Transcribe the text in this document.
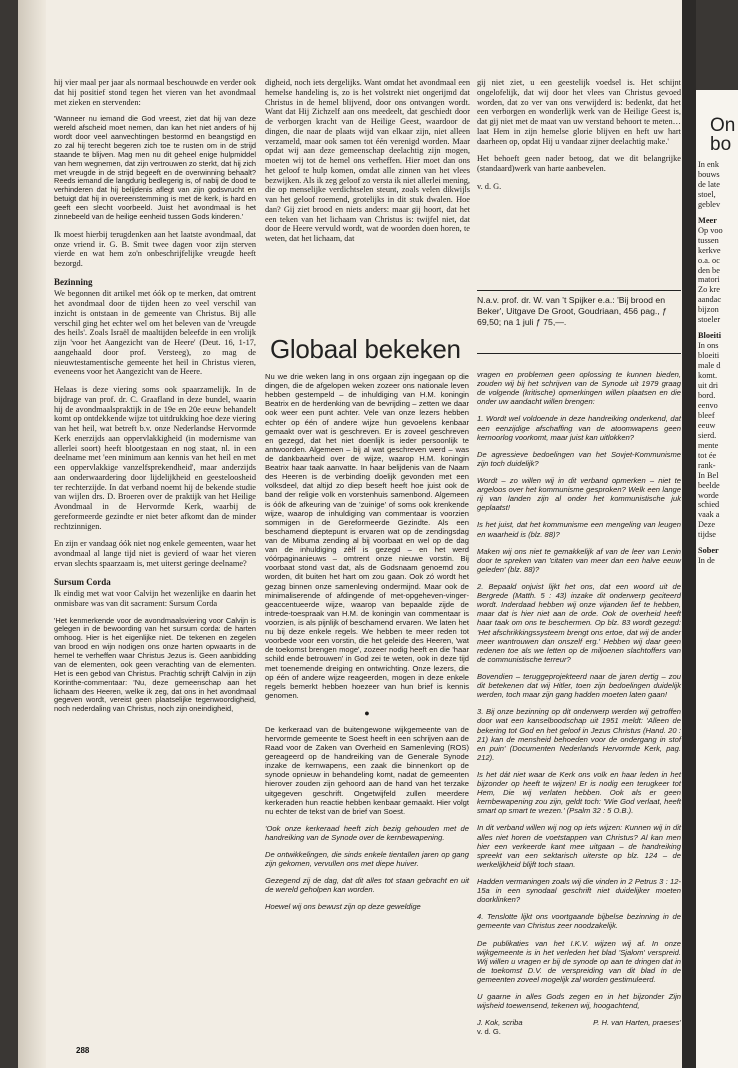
hij vier maal per jaar als normaal beschouwde en verder ook dat hij positief stond tegen het vieren van het avondmaal met zieken en stervenden:

'Wanneer nu iemand die God vreest, ziet dat hij van deze wereld afscheid moet nemen, dan kan het niet anders of hij wordt door veel aanvechtingen bestormd en beangstigd en zo zal hij terecht begeren zich toe te rusten om in de strijd staande te blijven. Mag men nu dit geheel enige hulpmiddel van hem wegnemen, dat zijn vertrouwen zo sterkt, dat hij zich met vreugde in de strijd begeeft en de overwinning behaalt? Reeds iemand die langdurig bedlegerig is, of nabij de dood te verhinderen dat hij belijdenis aflegt van zijn godsvrucht en betuigt dat hij in overeenstemming is met de kerk, is hard en geeft een slecht voorbeeld. Juist het avondmaal is het zinnebeeld van de heilige eenheid tussen Gods kinderen.'

Ik moest hierbij terugdenken aan het laatste avondmaal, dat onze vriend ir. G. B. Smit twee dagen voor zijn sterven vierde en wat hem zo'n onbeschrijfelijke vreugde heeft bezorgd.

Bezinning

We begonnen dit artikel met óók op te merken, dat omtrent het avondmaal door de tijden heen zo veel verschil van inzicht is ontstaan in de gemeente van Christus. Bij alle verschil ging het echter wel om het beleven van de 'vreugde des heils'. Zoals Israël de maaltijden beleefde in een vrolijk zijn 'voor het Aangezicht van de Heere' (Deut. 16, 1-17, aangehaald door prof. Versteeg), zo mag de nieuwtestamentische gemeente het heil in Christus vieren, eveneens voor het Aangezicht van de Heere.

Helaas is deze viering soms ook spaarzamelijk. In de bijdrage van prof. dr. C. Graafland in deze bundel, waarin hij de avondmaalspraktijk in de 19e en 20e eeuw behandelt komt op ontdekkende wijze tot uitdrukking hoe deze viering van het heil, wat betreft b.v. onze Nederlandse Hervormde Kerk enerzijds aan oppervlakkigheid (in modernisme van allerlei soort) heeft blootgestaan en nog staat, nl. in een deelname met 'een minimum aan kennis van het heil en met een oppervlakkige vanzelfsprekendheid', maar anderzijds aan onderwaardering door lijdelijkheid en geesteloosheid ter rechterzijde. In dat verband noemt hij de bekende studie van wijlen drs. D. Broeren over de praktijk van het Heilige Avondmaal in de Hervormde Kerk, waarbij de gereformeerde gezindte er niet beter afkomt dan de minder rechtzinnigen.

En zijn er vandaag óók niet nog enkele gemeenten, waar het avondmaal al lange tijd niet is gevierd of waar het vieren ervan slechts spaarzaam is, met uiterst geringe deelname?

Sursum Corda

Ik eindig met wat voor Calvijn het wezenlijke en daarin het onmisbare was van dit sacrament: Sursum Corda

'Het kenmerkende voor de avondmaalsviering voor Calvijn is gelegen in de bewoording van het sursum corda: de harten omhoog. Hier is het eigenlijke niet. De tekenen en zegelen van brood en wijn nodigen ons onze harten opwaarts in de hemel te verheffen waar Christus Jezus is. Geen aanbidding van de elementen, ook geen verachting van de elementen. Het is een gebod van Christus. Prachtig schrijft Calvijn in zijn Korinthe-commentaar: 'Nu, deze gemeenschap aan het lichaam des Heeren, welke ik zeg, dat ons in het avondmaal gegeven wordt, vereist geen plaatselijke tegenwoordigheid, noch nederdaling van Christus, noch zijn oneindigheid,

digheid, noch iets dergelijks. Want omdat het avondmaal een hemelse handeling is, zo is het volstrekt niet ongerijmd dat Christus in de hemel blijvend, door ons ontvangen wordt. Want dat Hij Zichzelf aan ons meedeelt, dat geschiedt door de verborgen kracht van de Heilige Geest, waardoor de dingen, die naar de plaats wijd van elkaar zijn, niet alleen verzameld, maar ook samen tot één verenigd worden. Maar opdat wij aan deze gemeenschap deelachtig zijn mogen, moeten wij tot de hemel ons verheffen. Hier moet dan ons het geloof te hulp komen, omdat alle zinnen van het vlees bezwijken. Als ik zeg geloof zo versta ik niet allerlei mening, die op menselijke verdichtselen steunt, zoals velen dikwijls van het geloof roemend, grotelijks in dit stuk dwalen. Hoe dan? Gij ziet brood en niets anders: maar gij hoort, dat het een teken van het lichaam van Christus is: twijfel niet, dat door de Heere vervuld wordt, wat de woorden doen horen, te weten, dat het lichaam, dat

gij niet ziet, u een geestelijk voedsel is. Het schijnt ongelofelijk, dat wij door het vlees van Christus gevoed worden, dat zo ver van ons verwijderd is: bedenkt, dat het een verborgen en wonderlijk werk van de Heilige Geest is, dat gij niet met de maat van uw verstand behoort te meten… laat Hem in zijn hemelse glorie blijven en heft uw hart daarheen op, opdat Hij u vandaar zijner deelachtig make.'

Het behoeft geen nader betoog, dat we dit belangrijke (standaard)werk van harte aanbevelen.

v. d. G.

N.a.v. prof. dr. W. van 't Spijker e.a.: 'Bij brood en Beker', Uitgave De Groot, Goudriaan, 456 pag., ƒ 69,50; na 1 juli ƒ 75,—.
Globaal bekeken

Nu we drie weken lang in ons orgaan zijn ingegaan op die dingen, die de afgelopen weken zozeer ons nationale leven hebben gestempeld – de inhuldiging van H.M. koningin Beatrix en de herdenking van de bevrijding – zetten we daar ook weer een punt achter. Vele van onze lezers hebben echter op één of andere wijze hun gevoelens kenbaar gemaakt over wat is geschreven. Er is zoveel geschreven en gezegd, dat het niet doenlijk is ieder persoonlijk te antwoorden. Algemeen – bij al wat geschreven werd – was de dankbaarheid over de wijze, waarop H.M. koningin Beatrix haar taak aanvatte. In haar belijdenis van de Naam des Heeren is de verbinding doelijk gevonden met een volksdeel, dat altijd zo diep beseft heeft hoe juist ook de band der religie volk en vorstenhuis samenbond. Algemeen is óók de afkeuring van de 'zuinige' of soms ook krenkende wijze, waarop de inhuldiging van commentaar is voorzien sommigen in de Gereformeerde Gezindte. Als een beschamend dieptepunt is ervaren wat op de zendingsdag van de Mibuma zending al bij voorbaat en wel op de dag van de inhuldiging zèlf is gezegd – en het werd vóórpaginanieuws – omtrent onze nieuwe vorstin. Bij voorbaat stond vast dat, als de Godsnaam genoemd zou worden, dit buiten het hart om zou gaan. Ook zó wordt het gezag binnen onze samenleving ondermijnd. Maar ook de minimaliserende of afdingende of met-opgeheven-vinger-geaccentueerde wijze, waarop van bepaalde zijde de intrede-toespraak van H.M. de koningin van commentaar is voorzien, is als pijnlijk of beschamend ervaren. We laten het nu bij deze enkele regels. We hebben te meer reden tot voorbede voor een vorstin, die het geleide des Heeren, 'wat de toekomst brengen moge', zozeer nodig heeft en die 'haar schild ende betrouwen' in God zei te weten, ook in deze tijd met toenemende dreiging en ontwrichting. Onze lezers, die op één of andere wijze reageerden, mogen in deze enkele regels bemerkt hebben hoezeer van hun brief is kennis genomen.

●

De kerkeraad van de buitengewone wijkgemeente van de hervormde gemeente te Soest heeft in een schrijven aan de Raad voor de Zaken van Overheid en Samenleving (ROS) gereageerd op de handreiking van de Generale Synode inzake de kernwapens, een zaak die binnenkort op de synode opnieuw in behandeling komt, nadat de gemeenten hierover zouden zijn gehoord aan de hand van het terzake uitgegeven geschrift. Ongetwijfeld zullen meerdere kerkeraden hun reactie hebben kenbaar gemaakt. Hier volgt nu echter de tekst van de brief van Soest.

'Ook onze kerkeraad heeft zich bezig gehouden met de handreiking van de Synode over de kernbewapening.

De ontwikkelingen, die sinds enkele tientallen jaren op gang zijn gekomen, vervullen ons met diepe huiver.

Gezegend zij de dag, dat dit alles tot staan gebracht en uit de wereld geholpen kan worden.

Hoewel wij ons bewust zijn op deze geweldige

vragen en problemen geen oplossing te kunnen bieden, zouden wij bij het schrijven van de Synode uit 1979 graag de volgende (kritische) opmerkingen willen plaatsen en die onder uw aandacht willen brengen:

1. Wordt wel voldoende in deze handreiking onderkend, dat een eenzijdige afschaffing van de atoomwapens geen kernoorlog voorkomt, maar juist kan uitlokken?

De agressieve bedoelingen van het Sovjet-Kommunisme zijn toch duidelijk?

Wordt – zo willen wij in dit verband opmerken – niet te argeloos over het kommunisme gesproken? Welk een lange rij van landen zijn al onder het kommunistische juk geplaatst!

Is het juist, dat het kommunisme een mengeling van leugen en waarheid is (blz. 88)?

Maken wij ons niet te gemakkelijk af van de leer van Lenin door te spreken van 'citaten van meer dan een halve eeuw geleden' (blz. 88)?

2. Bepaald onjuist lijkt het ons, dat een woord uit de Bergrede (Matth. 5 : 43) inzake dit onderwerp geciteerd wordt. Inderdaad hebben wij onze vijanden lief te hebben, maar dat is hier niet aan de orde. Ook de overheid heeft haar taak om ons te beschermen. Op blz. 83 wordt gezegd: 'Het afschrikkingssysteem brengt ons ertoe, dat wij de ander meer wantrouwen dan onszelf erg.' Hebben wij daar geen redenen toe als we letten op de miljoenen slachtoffers van de communistische terreur?

Bovendien – teruggeprojekteerd naar de jaren dertig – zou dit betekenen dat wij Hitler, toen zijn bedoelingen duidelijk werden, toch maar zijn gang hadden moeten laten gaan!

3. Bij onze bezinning op dit onderwerp werden wij getroffen door wat een kanselboodschap uit 1951 meldt: 'Alleen de bekering tot God en het geloof in Jezus Christus (Hand. 20 : 21) kan de mensheid behoeden voor de ondergang in stof en puin' (Documenten Nederlands Hervormde Kerk, pag. 212).

Is het dát niet waar de Kerk ons volk en haar leden in het bijzonder op heeft te wijzen! Er is nodig een terugkeer tot Hem, Die wij verlaten hebben. Ook als er geen kernbewapening zou zijn, geldt toch: 'Wie God verlaat, heeft smart op smart te vrezen.' (Psalm 32 : 5 O.B.).

In dit verband willen wij nog op iets wijzen: Kunnen wij in dit alles niet horen de voetstappen van Christus? Al kan men hier een verkeerde kant mee uitgaan – de handreiking spreekt van een sektarisch uiterste op blz. 124 – de werkelijkheid blijft toch staan.

Hadden vermaningen zoals wij die vinden in 2 Petrus 3 : 12-15a in een synodaal geschrift niet duidelijker moeten doorklinken?

4. Tenslotte lijkt ons voortgaande bijbelse bezinning in de gemeente van Christus zeer noodzakelijk.

De publikaties van het I.K.V. wijzen wij af. In onze wijkgemeente is in het verleden het blad 'Sjalom' verspreid. Wij willen u vragen er bij de synode op aan te dringen dat in de toekomst D.V. de verspreiding van dit blad in de gemeenten zoveel mogelijk zal worden gestimuleerd.

U gaarne in alles Gods zegen en in het bijzonder Zijn wijsheid toewensend, tekenen wij, hoogachtend,

J. Kok, scriba	P. H. van Harten, praeses'

v. d. G.

288
On
bo
In enk
bouws
de late
stoel,
geblev
Meer
Op voo
tussen
kerkve
o.a. oc
den be
matori
Zo kre
aandac
bijzon
stoeler
Bloeiti
In ons
bloeiti
male d
komt.
uit dri
bord.
eenvo
bleef
eeuw
sierd.
mente
tot ée
rank-
In Bel
beelde
worde
schied
vaak a
Deze
tijdse
Sober
In de
